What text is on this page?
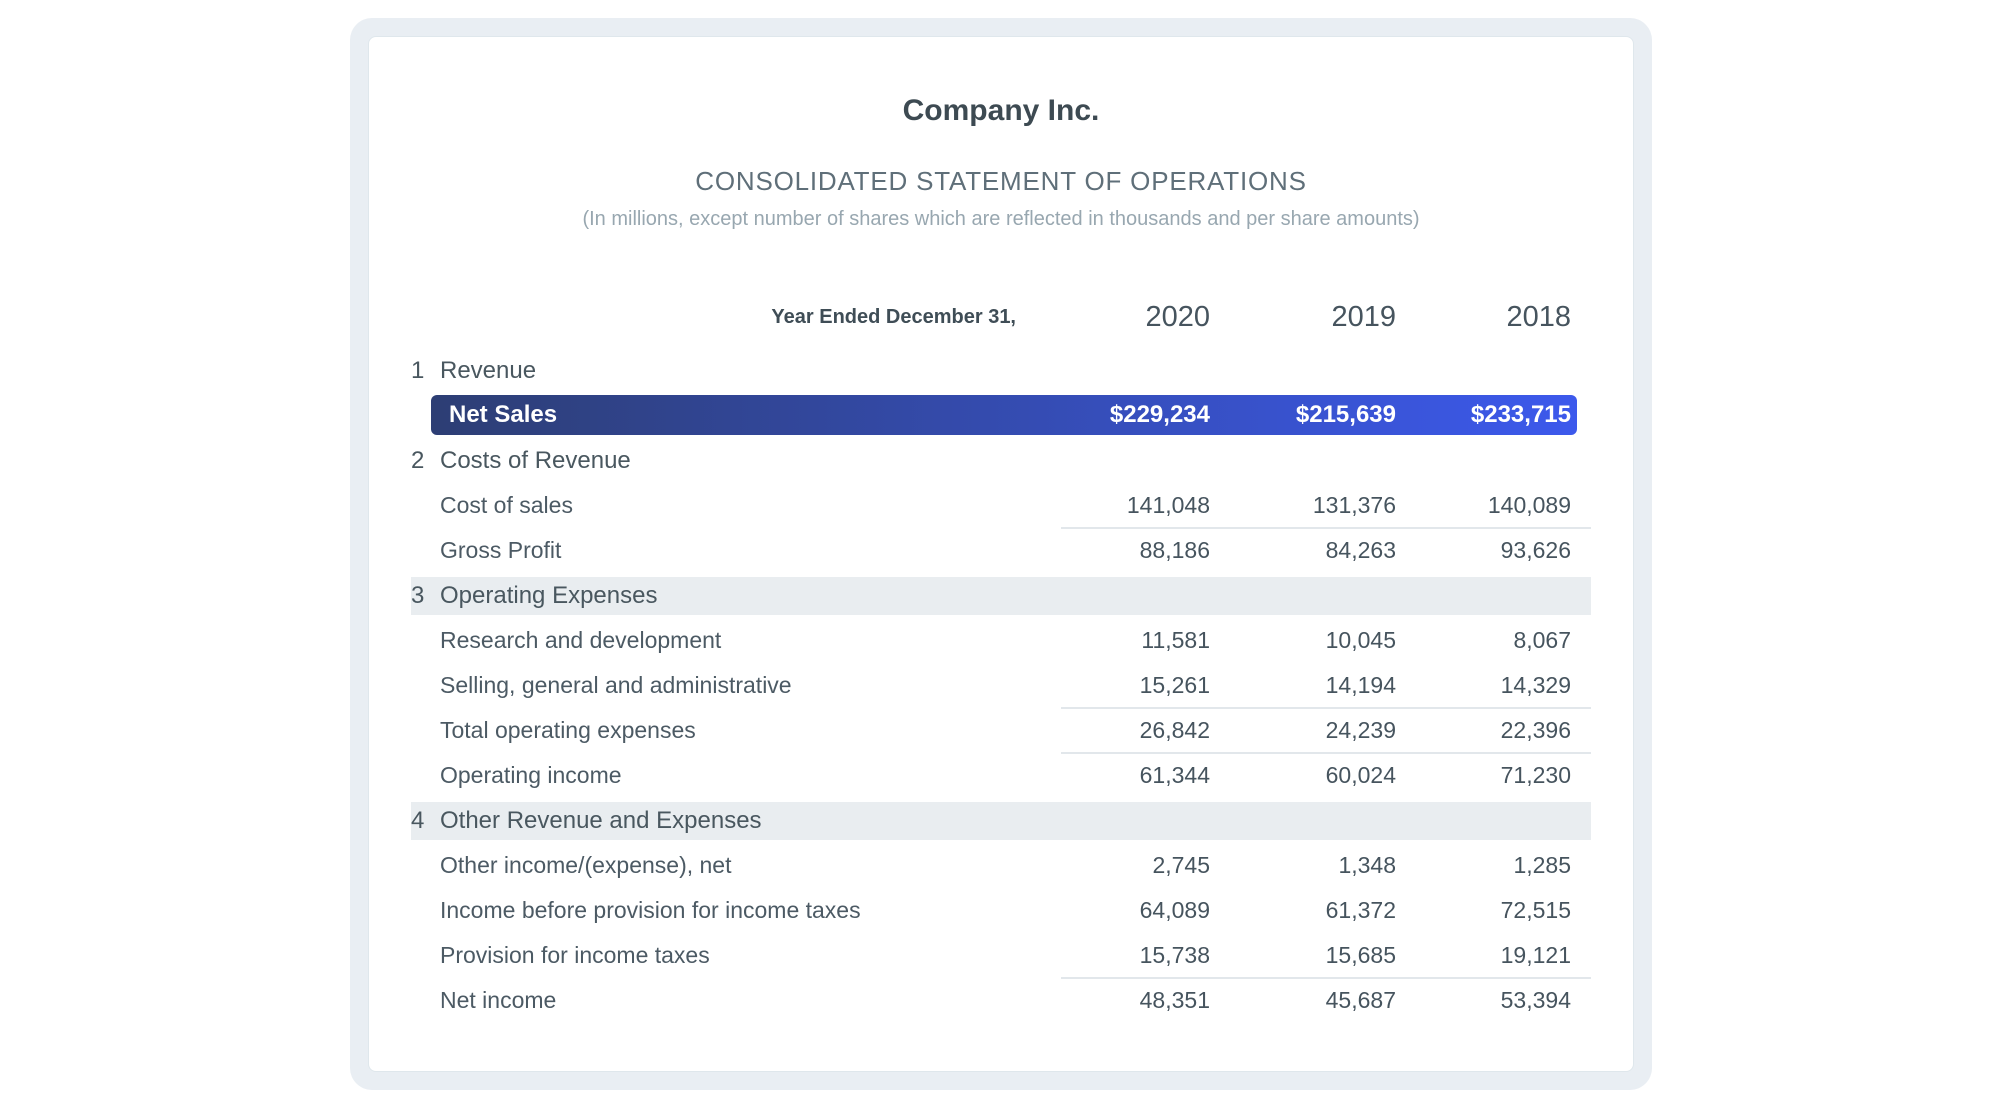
Company Inc.
CONSOLIDATED STATEMENT OF OPERATIONS

(In millions, except number of shares which are reflected in thousands and per share amounts)

Year Ended December 31,	2020	2019	2018
1 Revenue
Net Sales	$229,234	$215,639	$233,715
2 Costs of Revenue
Cost of sales	141,048	131,376	140,089
Gross Profit	88,186	84,263	93,626
3 Operating Expenses
Research and development	11,581	10,045	8,067
Selling, general and administrative	15,261	14,194	14,329
Total operating expenses	26,842	24,239	22,396
Operating income	61,344	60,024	71,230
4 Other Revenue and Expenses
Other income/(expense), net	2,745	1,348	1,285
Income before provision for income taxes	64,089	61,372	72,515
Provision for income taxes	15,738	15,685	19,121
Net income	48,351	45,687	53,394
